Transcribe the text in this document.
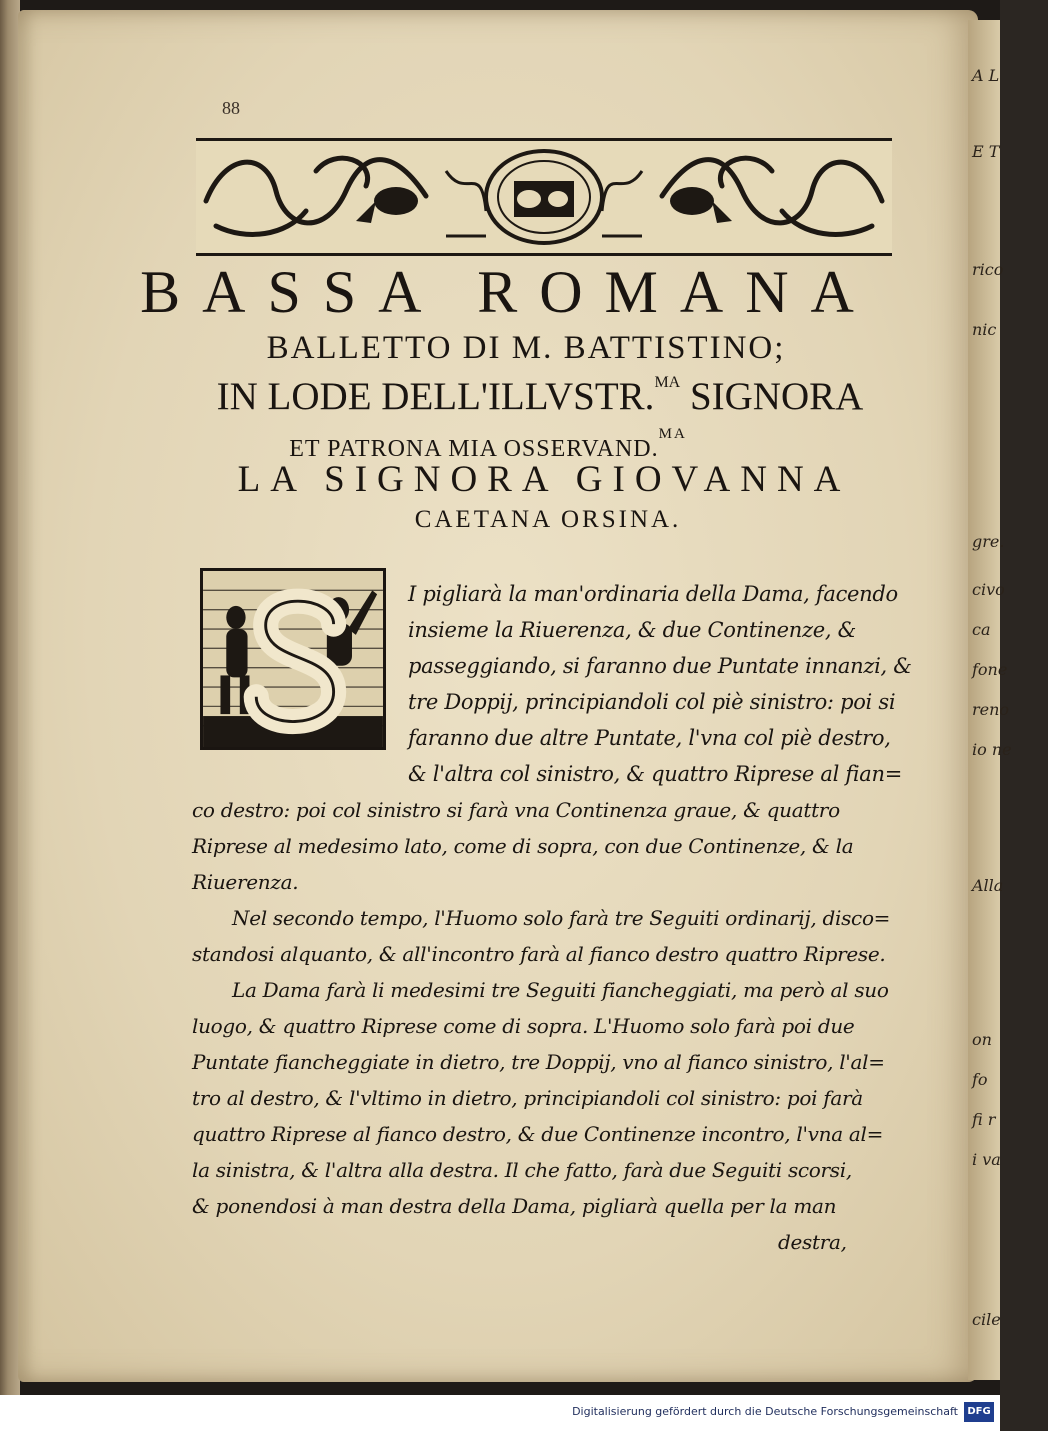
A L
E T
rico
nic
gre.
civo
ca
fone
reno
io ne
Alla
on
fo
fi r
i va
cile
88
BASSA ROMANA
BALLETTO DI M. BATTISTINO;
IN LODE DELL'ILLVSTR.$^{MA}$ SIGNORA
ET PATRONA MIA OSSERVAND.$^{MA}$
LA SIGNORA GIOVANNA
CAETANA ORSINA.
I pigliarà la man'ordinaria della Dama, facendo
insieme la Riuerenza, & due Continenze, &
passeggiando, si faranno due Puntate innanzi, &
tre Doppij, principiandoli col piè sinistro: poi si
faranno due altre Puntate, l'vna col piè destro,
& l'altra col sinistro, & quattro Riprese al fian=
co destro: poi col sinistro si farà vna Continenza graue, & quattro
Riprese al medesimo lato, come di sopra, con due Continenze, & la
Riuerenza.
Nel secondo tempo, l'Huomo solo farà tre Seguiti ordinarij, disco=
standosi alquanto, & all'incontro farà al fianco destro quattro Riprese.
La Dama farà li medesimi tre Seguiti fiancheggiati, ma però al suo
luogo, & quattro Riprese come di sopra. L'Huomo solo farà poi due
Puntate fiancheggiate in dietro, tre Doppij, vno al fianco sinistro, l'al=
tro al destro, & l'vltimo in dietro, principiandoli col sinistro: poi farà
quattro Riprese al fianco destro, & due Continenze incontro, l'vna al=
la sinistra, & l'altra alla destra. Il che fatto, farà due Seguiti scorsi,
& ponendosi à man destra della Dama, pigliarà quella per la man
destra,
Digitalisierung gefördert durch die Deutsche Forschungsgemeinschaft DFG
